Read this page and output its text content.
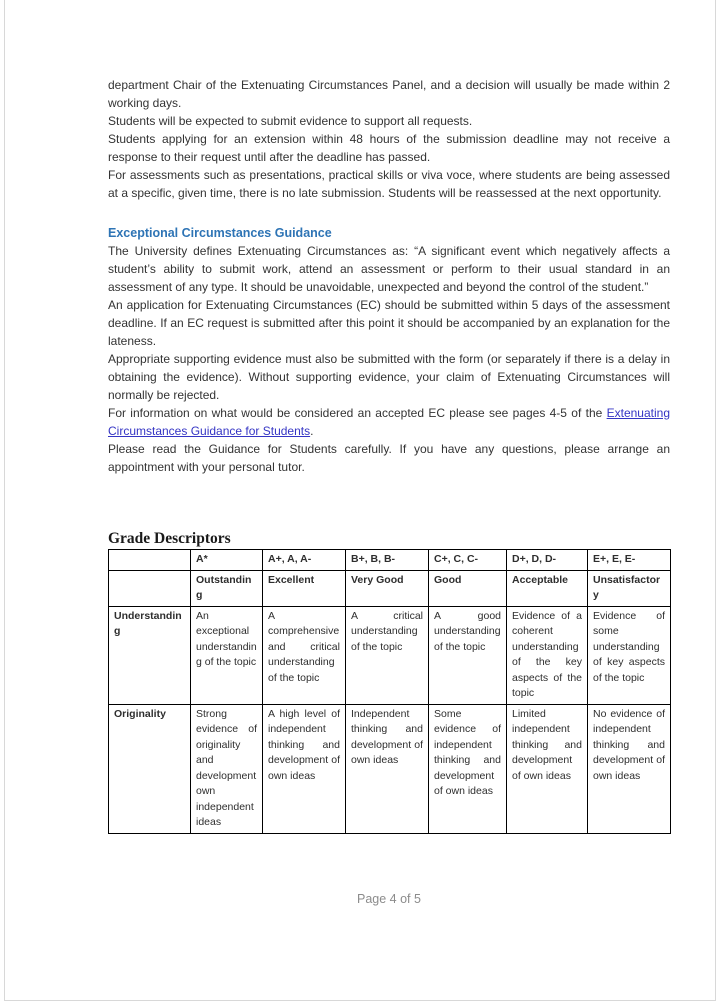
department Chair of the Extenuating Circumstances Panel, and a decision will usually be made within 2 working days.

Students will be expected to submit evidence to support all requests.

Students applying for an extension within 48 hours of the submission deadline may not receive a response to their request until after the deadline has passed.

For assessments such as presentations, practical skills or viva voce, where students are being assessed at a specific, given time, there is no late submission. Students will be reassessed at the next opportunity.

Exceptional Circumstances Guidance

The University defines Extenuating Circumstances as: “A significant event which negatively affects a student’s ability to submit work, attend an assessment or perform to their usual standard in an assessment of any type. It should be unavoidable, unexpected and beyond the control of the student.”

An application for Extenuating Circumstances (EC) should be submitted within 5 days of the assessment deadline. If an EC request is submitted after this point it should be accompanied by an explanation for the lateness.

Appropriate supporting evidence must also be submitted with the form (or separately if there is a delay in obtaining the evidence). Without supporting evidence, your claim of Extenuating Circumstances will normally be rejected.

For information on what would be considered an accepted EC please see pages 4-5 of the Extenuating Circumstances Guidance for Students.

Please read the Guidance for Students carefully. If you have any questions, please arrange an appointment with your personal tutor.

Grade Descriptors
	A*	A+, A, A-	B+, B, B-	C+, C, C-	D+, D, D-	E+, E, E-
	Outstanding	Excellent	Very Good	Good	Acceptable	Unsatisfactory
Understanding	An exceptional understanding of the topic	A comprehensive and critical understanding of the topic	A critical understanding of the topic	A good understanding of the topic	Evidence of a coherent understanding of the key aspects of the topic	Evidence of some understanding of key aspects of the topic
Originality	Strong evidence of originality and development own independent ideas	A high level of independent thinking and development of own ideas	Independent thinking and development of own ideas	Some evidence of independent thinking and development of own ideas	Limited independent thinking and development of own ideas	No evidence of independent thinking and development of own ideas
Page 4 of 5
